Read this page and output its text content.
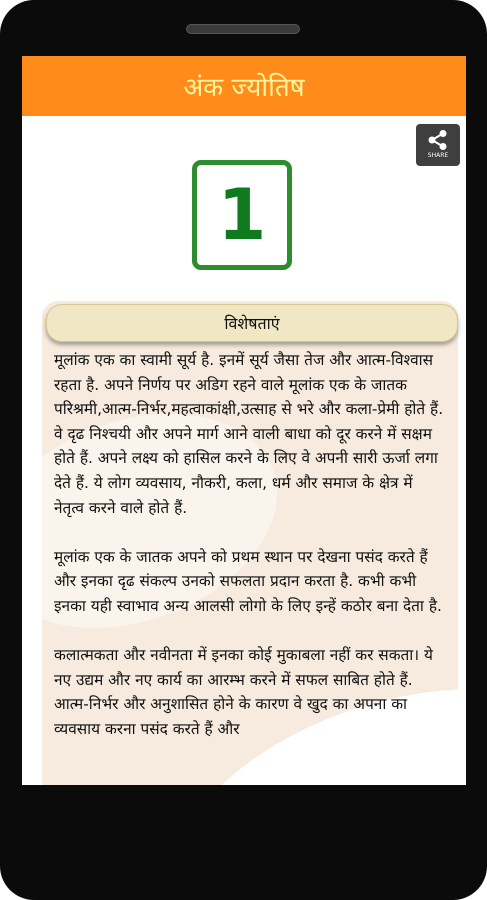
अंक ज्योतिष
SHARE
1
विशेषताएं

मूलांक एक का स्वामी सूर्य है. इनमें सूर्य जैसा तेज और आत्म-विश्वास रहता है. अपने निर्णय पर अडिग रहने वाले मूलांक एक के जातक परिश्रमी,आत्म-निर्भर,महत्वाकांक्षी,उत्साह से भरे और कला-प्रेमी होते हैं. वे दृढ निश्चयी और अपने मार्ग आने वाली बाधा को दूर करने में सक्षम होते हैं. अपने लक्ष्य को हासिल करने के लिए वे अपनी सारी ऊर्जा लगा देते हैं. ये लोग व्यवसाय, नौकरी, कला, धर्म और समाज के क्षेत्र में नेतृत्व करने वाले होते हैं.

मूलांक एक के जातक अपने को प्रथम स्थान पर देखना पसंद करते हैं और इनका दृढ संकल्प उनको सफलता प्रदान करता है. कभी कभी इनका यही स्वाभाव अन्य आलसी लोगो के लिए इन्हें कठोर बना देता है.

कलात्मकता और नवीनता में इनका कोई मुकाबला नहीं कर सकता। ये नए उद्यम और नए कार्य का आरम्भ करने में सफल साबित होते हैं. आत्म-निर्भर और अनुशासित होने के कारण वे खुद का अपना का व्यवसाय करना पसंद करते हैं और
